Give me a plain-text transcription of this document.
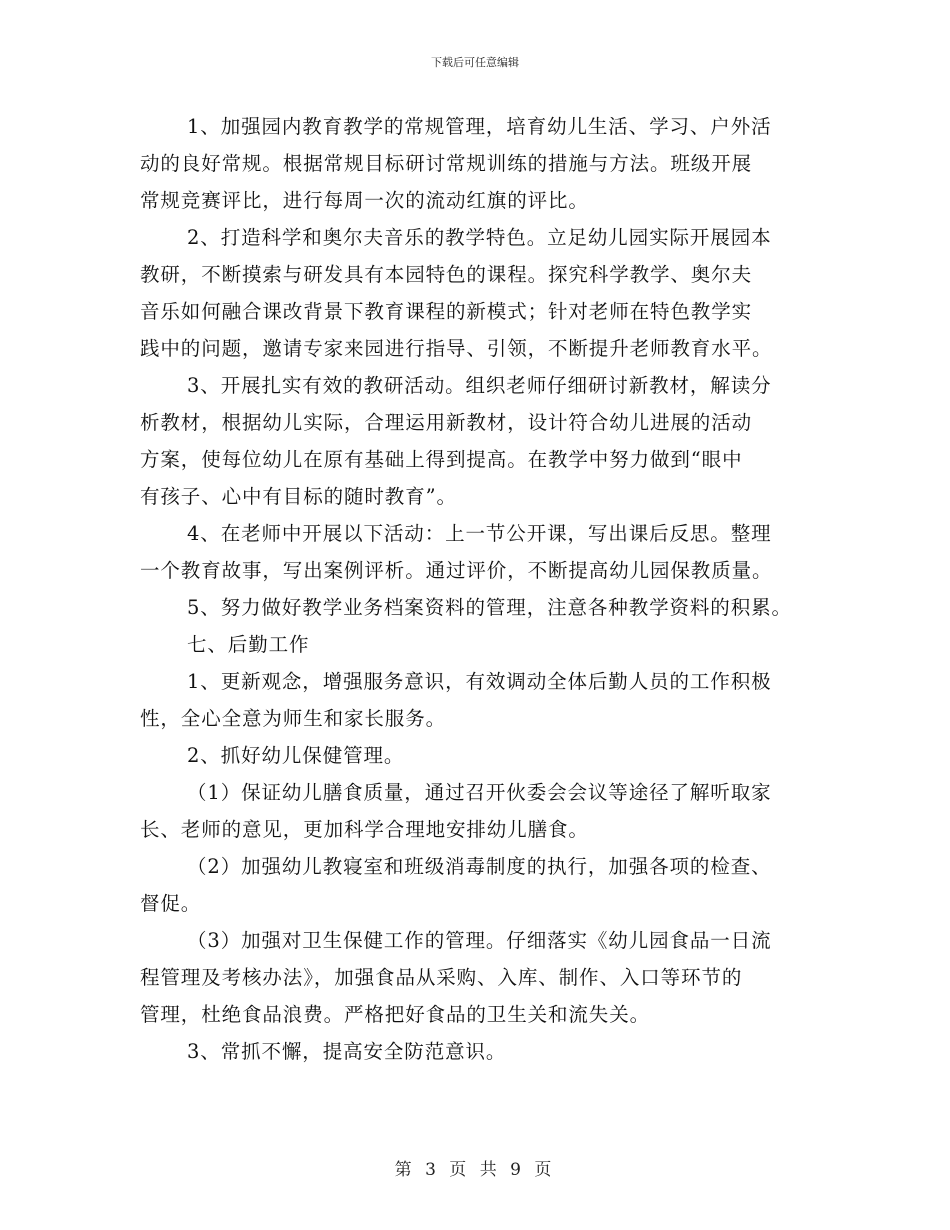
下载后可任意编辑
1、加强园内教育教学的常规管理，培育幼儿生活、学习、户外活
动的良好常规。根据常规目标研讨常规训练的措施与方法。班级开展
常规竞赛评比，进行每周一次的流动红旗的评比。
2、打造科学和奥尔夫音乐的教学特色。立足幼儿园实际开展园本
教研，不断摸索与研发具有本园特色的课程。探究科学教学、奥尔夫
音乐如何融合课改背景下教育课程的新模式；针对老师在特色教学实
践中的问题，邀请专家来园进行指导、引领，不断提升老师教育水平。
3、开展扎实有效的教研活动。组织老师仔细研讨新教材，解读分
析教材，根据幼儿实际，合理运用新教材，设计符合幼儿进展的活动
方案，使每位幼儿在原有基础上得到提高。在教学中努力做到“眼中
有孩子、心中有目标的随时教育”。
4、在老师中开展以下活动：上一节公开课，写出课后反思。整理
一个教育故事，写出案例评析。通过评价，不断提高幼儿园保教质量。
5、努力做好教学业务档案资料的管理，注意各种教学资料的积累。
七、后勤工作
1、更新观念，增强服务意识，有效调动全体后勤人员的工作积极
性，全心全意为师生和家长服务。
2、抓好幼儿保健管理。
（1）保证幼儿膳食质量，通过召开伙委会会议等途径了解听取家
长、老师的意见，更加科学合理地安排幼儿膳食。
（2）加强幼儿教寝室和班级消毒制度的执行，加强各项的检查、
督促。
（3）加强对卫生保健工作的管理。仔细落实《幼儿园食品一日流
程管理及考核办法》，加强食品从采购、入库、制作、入口等环节的
管理，杜绝食品浪费。严格把好食品的卫生关和流失关。
3、常抓不懈，提高安全防范意识。
第 3 页 共 9 页
